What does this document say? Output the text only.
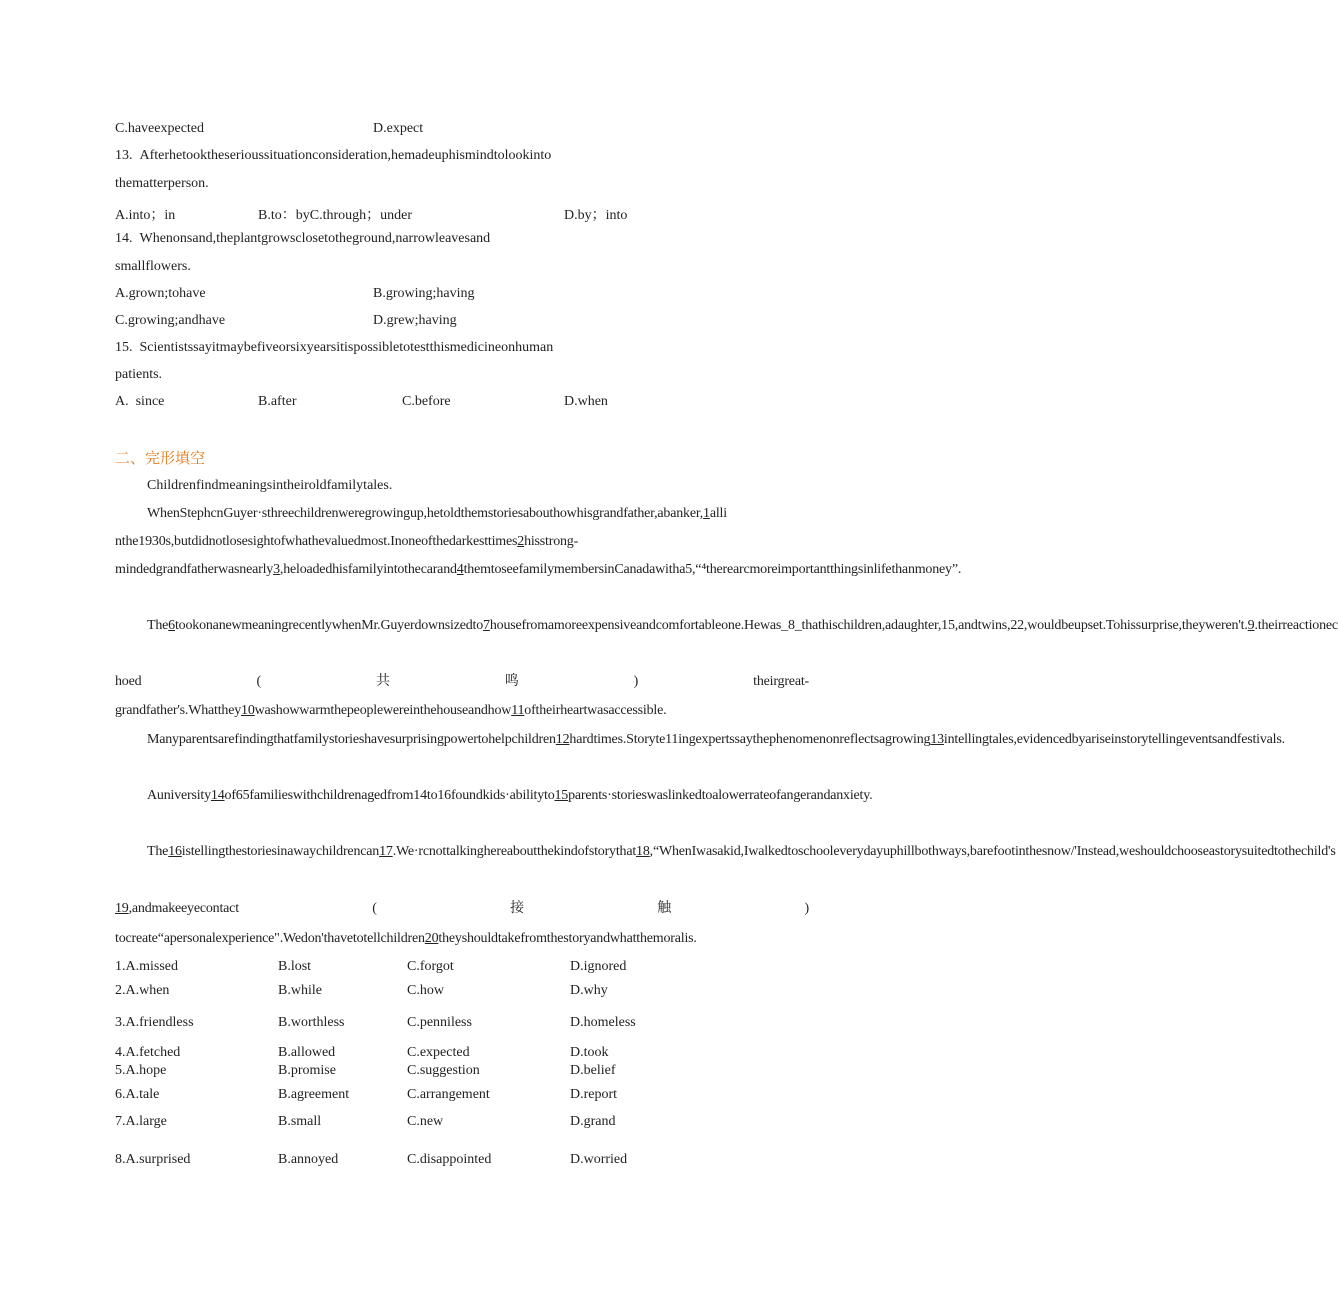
C.haveexpected	D.expect
13. Afterhetooktheserioussituationconsideration,hemadeuphismindtolookinto
thematterperson.
A.into；in	B.to：byC.through；under	D.by；into
14. Whenonsand,theplantgrowsclosetotheground,narrowleavesand
smallflowers.
A.grown;tohave	B.growing;having
C.growing;andhave	D.grew;having
15. Scientistssayitmaybefiveorsixyearsitispossibletotestthismedicineonhuman
patients.
A. since	B.after	C.before	D.when
二、完形填空
Childrenfindmeaningsintheiroldfamilytales.
WhenStephcnGuyer·sthreechildrenweregrowingup,hetoldthemstoriesabouthowhisgrandfather,abanker,1alli nthe1930s,butdidnotlosesightofwhathevaluedmost.Inoneofthedarkesttimes2hisstrong-mindedgrandfatherwasnearly3,heloadedhisfamilyintothecarand4themtoseefamilymembersinCanadawitha5,“⁴therearcmoreimportantthingsinlifethanmoney”.
The6tookonanewmeaningrecentlywhenMr.Guyerdownsizedto7housefromamoreexpensiveandcomfortableone.Hewas_8_thathischildren,adaughter,15,andtwins,22,wouldbeupset.Tohissurprise,theyweren't.9.theirreactionec
hoed	(	共	鸣	)	theirgreat-
grandfather's.Whatthey10washowwarmthepeoplewereinthehouseandhow11oftheirheartwasaccessible.
Manyparentsarefindingthatfamilystorieshavesurprisingpowertohelpchildren12hardtimes.Storyte11ingexpertssaythephenomenonreflectsagrowing13intellingtales,evidencedbyariseinstorytellingeventsandfestivals.
Auniversity14of65familieswithchildrenagedfrom14to16foundkids·abilityto15parents·storieswaslinkedtoalowerrateofangerandanxiety.
The16istellingthestoriesinawaychildrencan17.We·rcnottalkinghereaboutthekindofstorythat18,“WhenIwasakid,Iwalkedtoschooleverydayuphillbothways,barefootinthesnow/'Instead,weshouldchooseastorysuitedtothechild's
19,andmakeeyecontact	(	接	触	)
tocreate“apersonalexperience".Wedon'thavetotellchildren20theyshouldtakefromthestoryandwhatthemoralis.
1.A.missed	B.lost	C.forgot	D.ignored
2.A.when	B.while	C.how	D.why
3.A.friendless	B.worthless	C.penniless	D.homeless
4.A.fetched	B.allowed	C.expected	D.took
5.A.hope	B.promise	C.suggestion	D.belief
6.A.tale	B.agreement	C.arrangement	D.report
7.A.large	B.small	C.new	D.grand
8.A.surprised	B.annoyed	C.disappointed	D.worried
